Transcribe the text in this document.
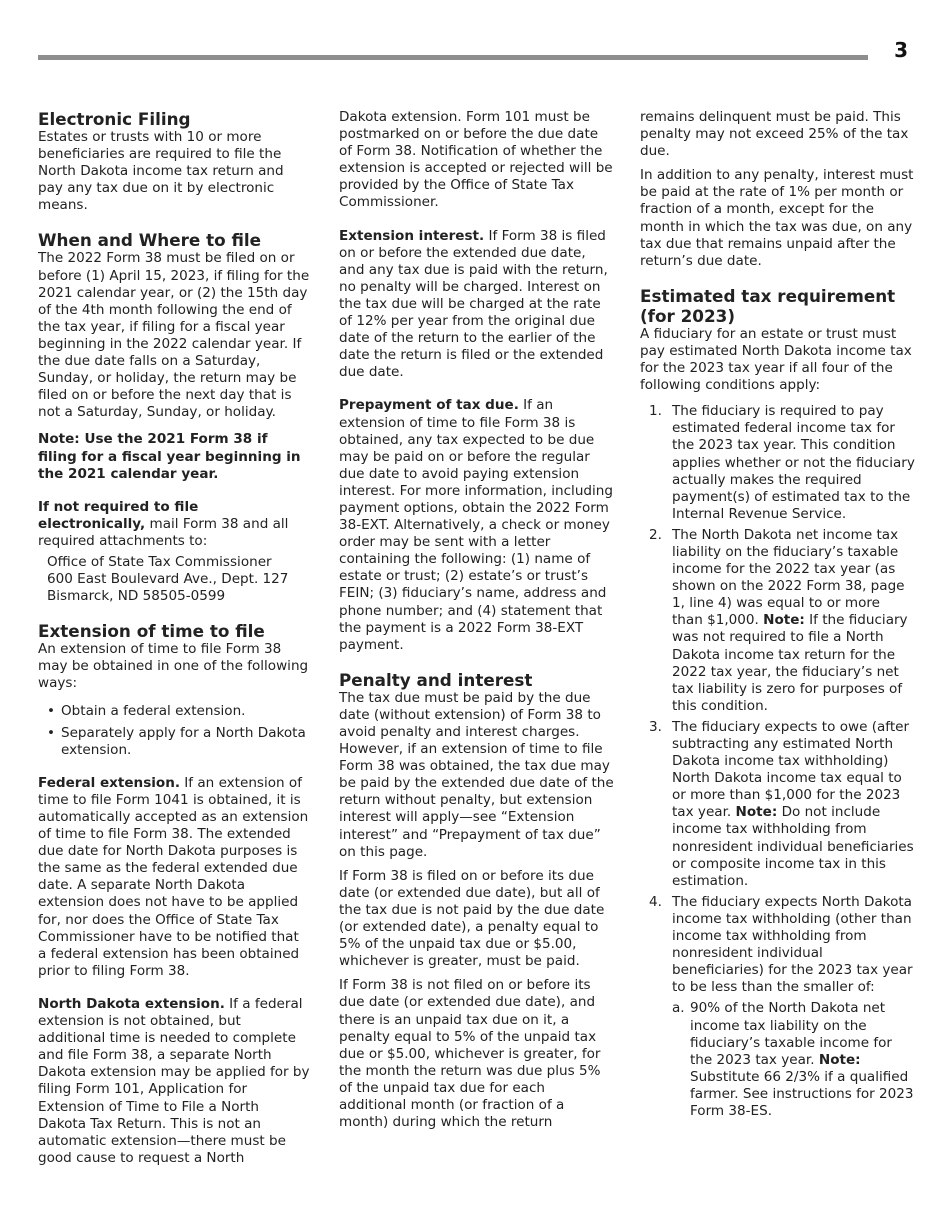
3
Electronic Filing

Estates or trusts with 10 or more beneficiaries are required to file the North Dakota income tax return and pay any tax due on it by electronic means.

When and Where to file

The 2022 Form 38 must be filed on or before (1) April 15, 2023, if filing for the 2021 calendar year, or (2) the 15th day of the 4th month following the end of the tax year, if filing for a fiscal year beginning in the 2022 calendar year. If the due date falls on a Saturday, Sunday, or holiday, the return may be filed on or before the next day that is not a Saturday, Sunday, or holiday.

Note: Use the 2021 Form 38 if filing for a fiscal year beginning in the 2021 calendar year.

If not required to file electronically, mail Form 38 and all required attachments to:

Office of State Tax Commissioner
600 East Boulevard Ave., Dept. 127
Bismarck, ND 58505-0599
Extension of time to file

An extension of time to file Form 38 may be obtained in one of the following ways:

• Obtain a federal extension.
• Separately apply for a North Dakota extension.

Federal extension. If an extension of time to file Form 1041 is obtained, it is automatically accepted as an extension of time to file Form 38. The extended due date for North Dakota purposes is the same as the federal extended due date. A separate North Dakota extension does not have to be applied for, nor does the Office of State Tax Commissioner have to be notified that a federal extension has been obtained prior to filing Form 38.

North Dakota extension. If a federal extension is not obtained, but additional time is needed to complete and file Form 38, a separate North Dakota extension may be applied for by filing Form 101, Application for Extension of Time to File a North Dakota Tax Return. This is not an automatic extension—there must be good cause to request a North

Dakota extension. Form 101 must be postmarked on or before the due date of Form 38. Notification of whether the extension is accepted or rejected will be provided by the Office of State Tax Commissioner.

Extension interest. If Form 38 is filed on or before the extended due date, and any tax due is paid with the return, no penalty will be charged. Interest on the tax due will be charged at the rate of 12% per year from the original due date of the return to the earlier of the date the return is filed or the extended due date.

Prepayment of tax due. If an extension of time to file Form 38 is obtained, any tax expected to be due may be paid on or before the regular due date to avoid paying extension interest. For more information, including payment options, obtain the 2022 Form 38-EXT. Alternatively, a check or money order may be sent with a letter containing the following: (1) name of estate or trust; (2) estate’s or trust’s FEIN; (3) fiduciary’s name, address and phone number; and (4) statement that the payment is a 2022 Form 38-EXT payment.

Penalty and interest

The tax due must be paid by the due date (without extension) of Form 38 to avoid penalty and interest charges. However, if an extension of time to file Form 38 was obtained, the tax due may be paid by the extended due date of the return without penalty, but extension interest will apply—see “Extension interest” and “Prepayment of tax due” on this page.

If Form 38 is filed on or before its due date (or extended due date), but all of the tax due is not paid by the due date (or extended date), a penalty equal to 5% of the unpaid tax due or $5.00, whichever is greater, must be paid.

If Form 38 is not filed on or before its due date (or extended due date), and there is an unpaid tax due on it, a penalty equal to 5% of the unpaid tax due or $5.00, whichever is greater, for the month the return was due plus 5% of the unpaid tax due for each additional month (or fraction of a month) during which the return

remains delinquent must be paid. This penalty may not exceed 25% of the tax due.

In addition to any penalty, interest must be paid at the rate of 1% per month or fraction of a month, except for the month in which the tax was due, on any tax due that remains unpaid after the return’s due date.

Estimated tax requirement (for 2023)

A fiduciary for an estate or trust must pay estimated North Dakota income tax for the 2023 tax year if all four of the following conditions apply:

1. The fiduciary is required to pay estimated federal income tax for the 2023 tax year. This condition applies whether or not the fiduciary actually makes the required payment(s) of estimated tax to the Internal Revenue Service.
2. The North Dakota net income tax liability on the fiduciary’s taxable income for the 2022 tax year (as shown on the 2022 Form 38, page 1, line 4) was equal to or more than $1,000. Note: If the fiduciary was not required to file a North Dakota income tax return for the 2022 tax year, the fiduciary’s net tax liability is zero for purposes of this condition.
3. The fiduciary expects to owe (after subtracting any estimated North Dakota income tax withholding) North Dakota income tax equal to or more than $1,000 for the 2023 tax year. Note: Do not include income tax withholding from nonresident individual beneficiaries or composite income tax in this estimation.
4. The fiduciary expects North Dakota income tax withholding (other than income tax withholding from nonresident individual beneficiaries) for the 2023 tax year to be less than the smaller of:
a. 90% of the North Dakota net income tax liability on the fiduciary’s taxable income for the 2023 tax year. Note: Substitute 66 2/3% if a qualified farmer. See instructions for 2023 Form 38-ES.
